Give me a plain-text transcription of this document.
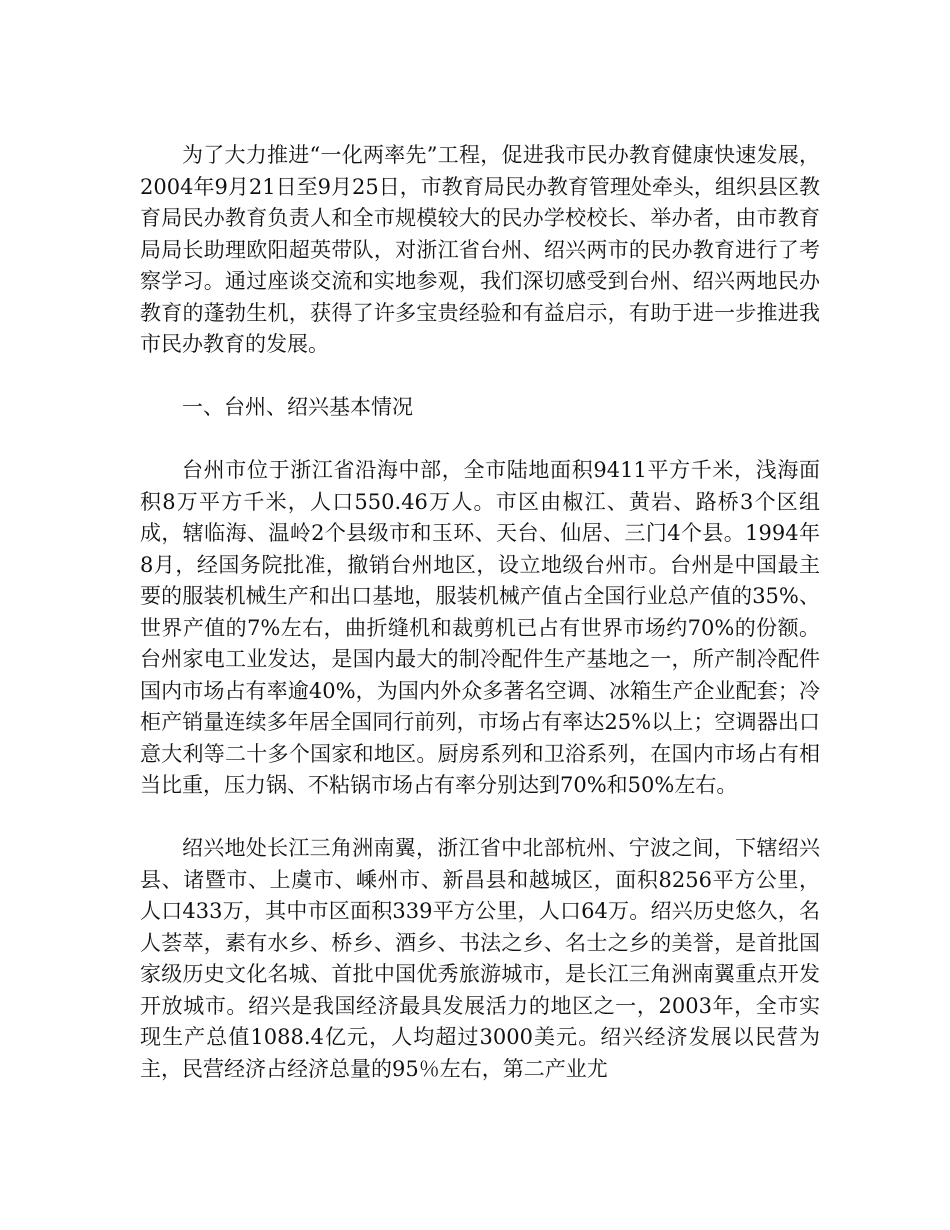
为了大力推进“一化两率先”工程，促进我市民办教育健康快速发展，2004年9月21日至9月25日，市教育局民办教育管理处牵头，组织县区教育局民办教育负责人和全市规模较大的民办学校校长、举办者，由市教育局局长助理欧阳超英带队，对浙江省台州、绍兴两市的民办教育进行了考察学习。通过座谈交流和实地参观，我们深切感受到台州、绍兴两地民办教育的蓬勃生机，获得了许多宝贵经验和有益启示，有助于进一步推进我市民办教育的发展。

一、台州、绍兴基本情况

台州市位于浙江省沿海中部，全市陆地面积9411平方千米，浅海面积8万平方千米，人口550.46万人。市区由椒江、黄岩、路桥3个区组成，辖临海、温岭2个县级市和玉环、天台、仙居、三门4个县。1994年8月，经国务院批准，撤销台州地区，设立地级台州市。台州是中国最主要的服装机械生产和出口基地，服装机械产值占全国行业总产值的35%、世界产值的7%左右，曲折缝机和裁剪机已占有世界市场约70%的份额。台州家电工业发达，是国内最大的制冷配件生产基地之一，所产制冷配件国内市场占有率逾40%，为国内外众多著名空调、冰箱生产企业配套；冷柜产销量连续多年居全国同行前列，市场占有率达25%以上；空调器出口意大利等二十多个国家和地区。厨房系列和卫浴系列，在国内市场占有相当比重，压力锅、不粘锅市场占有率分别达到70%和50%左右。

绍兴地处长江三角洲南翼，浙江省中北部杭州、宁波之间，下辖绍兴县、诸暨市、上虞市、嵊州市、新昌县和越城区，面积8256平方公里，人口433万，其中市区面积339平方公里，人口64万。绍兴历史悠久，名人荟萃，素有水乡、桥乡、酒乡、书法之乡、名士之乡的美誉，是首批国家级历史文化名城、首批中国优秀旅游城市，是长江三角洲南翼重点开发开放城市。绍兴是我国经济最具发展活力的地区之一，2003年，全市实现生产总值1088.4亿元，人均超过3000美元。绍兴经济发展以民营为主，民营经济占经济总量的95％左右，第二产业尤
